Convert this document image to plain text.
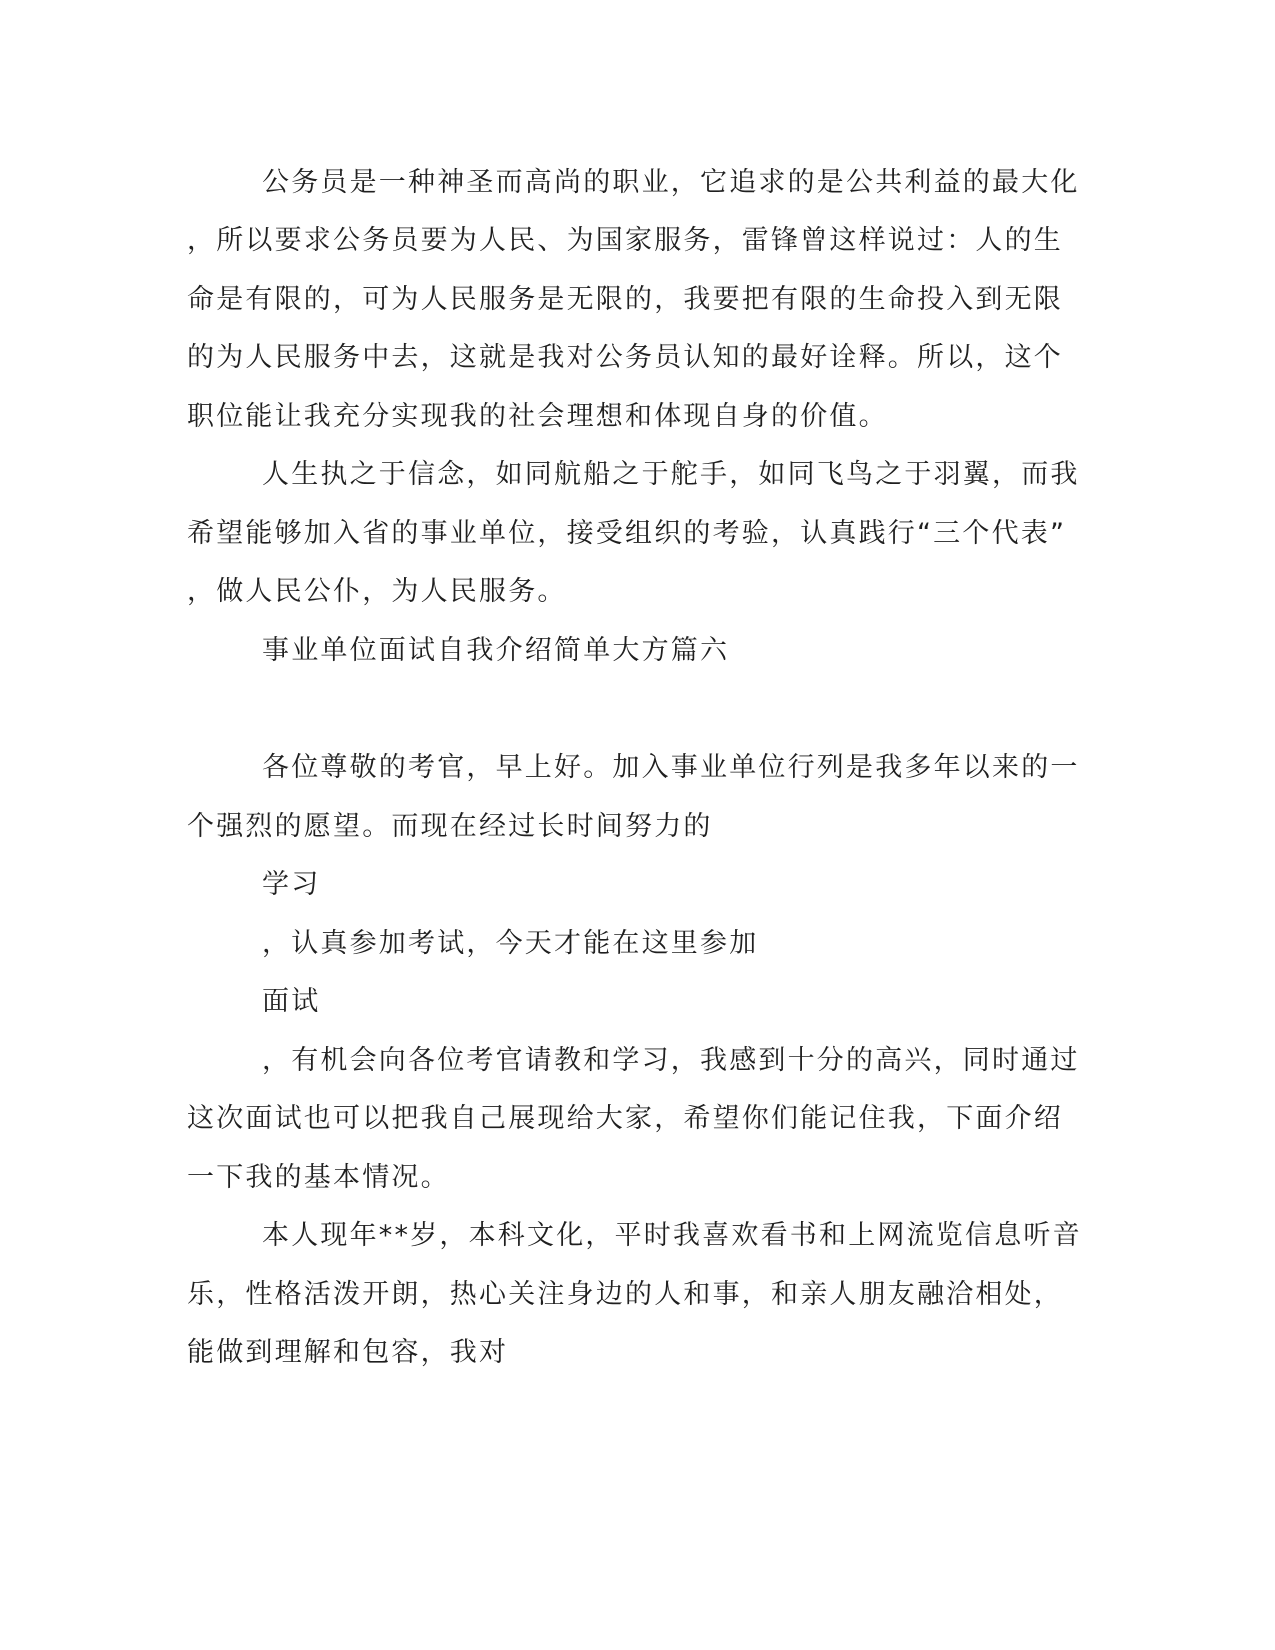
公务员是一种神圣而高尚的职业，它追求的是公共利益的最大化
，所以要求公务员要为人民、为国家服务，雷锋曾这样说过：人的生
命是有限的，可为人民服务是无限的，我要把有限的生命投入到无限
的为人民服务中去，这就是我对公务员认知的最好诠释。所以，这个
职位能让我充分实现我的社会理想和体现自身的价值。
人生执之于信念，如同航船之于舵手，如同飞鸟之于羽翼，而我
希望能够加入省的事业单位，接受组织的考验，认真践行“三个代表”
，做人民公仆，为人民服务。
事业单位面试自我介绍简单大方篇六
各位尊敬的考官，早上好。加入事业单位行列是我多年以来的一
个强烈的愿望。而现在经过长时间努力的
学习
，认真参加考试，今天才能在这里参加
面试
，有机会向各位考官请教和学习，我感到十分的高兴，同时通过
这次面试也可以把我自己展现给大家，希望你们能记住我，下面介绍
一下我的基本情况。
本人现年**岁，本科文化，平时我喜欢看书和上网流览信息听音
乐，性格活泼开朗，热心关注身边的人和事，和亲人朋友融洽相处，
能做到理解和包容，我对
